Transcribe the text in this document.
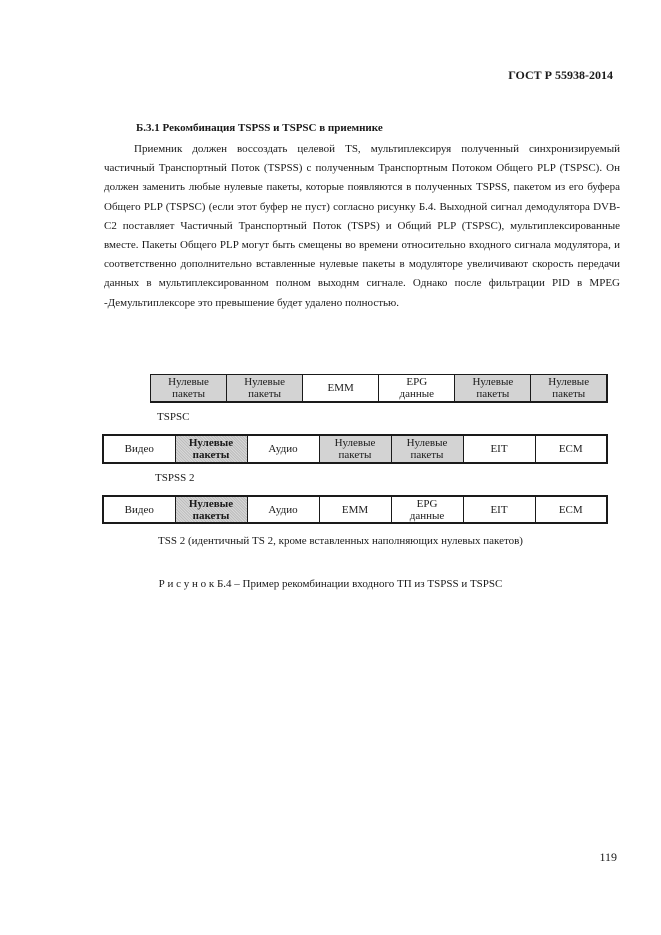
ГОСТ Р 55938-2014
Б.3.1 Рекомбинация TSPSS и TSPSC в приемнике

Приемник должен воссоздать целевой TS, мультиплексируя полученный синхронизируемый частичный Транспортный Поток (TSPSS) с полученным Транспортным Потоком Общего PLP (TSPSC). Он должен заменить любые нулевые пакеты, которые появляются в полученных TSPSS, пакетом из его буфера Общего PLP (TSPSC) (если этот буфер не пуст) согласно рисунку Б.4. Выходной сигнал демодулятора DVB-C2 поставляет Частичный Транспортный Поток (TSPS) и Общий PLP (TSPSC), мультиплексированные вместе. Пакеты Общего PLP могут быть смещены во времени относительно входного сигнала модулятора, и соответственно дополнительно вставленные нулевые пакеты в модуляторе увеличивают скорость передачи данных в мультиплексированном полном выходнм сигнале. Однако после фильтрации PID в MPEG -Демультиплексоре это превышение будет удалено полностью.

Нулевые
пакеты	Нулевые
пакеты	EMM	EPG
данные	Нулевые
пакеты	Нулевые
пакеты
TSPSC
Видео	Нулевые
пакеты	Аудио	Нулевые
пакеты	Нулевые
пакеты	EIT	ECM
TSPSS 2
Видео	Нулевые
пакеты	Аудио	EMM	EPG
данные	EIT	ECM
TSS 2 (идентичный TS 2, кроме вставленных наполняющих нулевых пакетов)
Р и с у н о к Б.4 – Пример рекомбинации входного ТП из TSPSS и TSPSC
119
